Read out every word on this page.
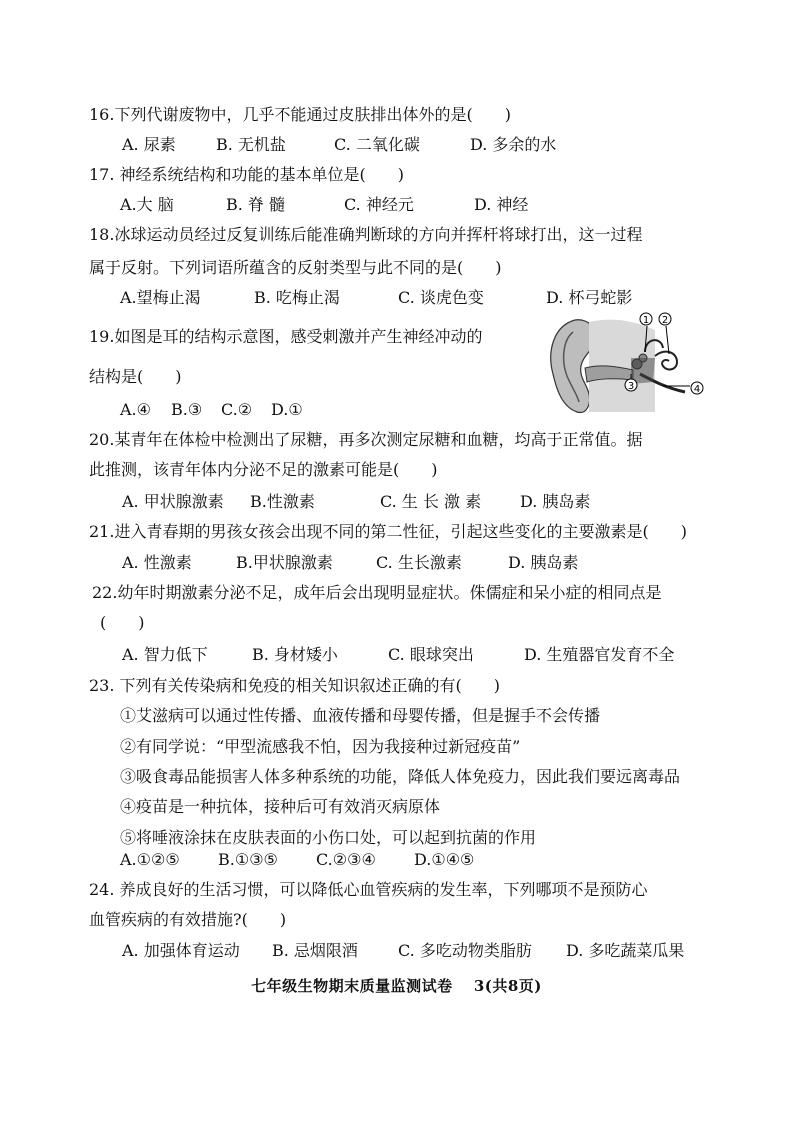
16.下列代谢废物中，几乎不能通过皮肤排出体外的是(　　)
A. 尿素	B. 无机盐	C. 二氧化碳	D. 多余的水
17. 神经系统结构和功能的基本单位是(　　)
A.大 脑	B. 脊 髓	C. 神经元	D. 神经
18.冰球运动员经过反复训练后能准确判断球的方向并挥杆将球打出，这一过程
属于反射。下列词语所蕴含的反射类型与此不同的是(　　)
A.望梅止渴	B. 吃梅止渴	C. 谈虎色变	D. 杯弓蛇影
19.如图是耳的结构示意图，感受刺激并产生神经冲动的
结构是(　　)
A.④ B.③ C.② D.①
1 2
3	4
20.某青年在体检中检测出了尿糖，再多次测定尿糖和血糖，均高于正常值。据
此推测，该青年体内分泌不足的激素可能是(　　)
A. 甲状腺激素 B.性激素	C. 生 长 激 素 D. 胰岛素
21.进入青春期的男孩女孩会出现不同的第二性征，引起这些变化的主要激素是(　　)
A. 性激素	B.甲状腺激素	C. 生长激素	D. 胰岛素
22.幼年时期激素分泌不足，成年后会出现明显症状。侏儒症和呆小症的相同点是
(　　)
A. 智力低下	B. 身材矮小	C. 眼球突出	D. 生殖器官发育不全
23. 下列有关传染病和免疫的相关知识叙述正确的有(　　)
①艾滋病可以通过性传播、血液传播和母婴传播，但是握手不会传播
②有同学说：“甲型流感我不怕，因为我接种过新冠疫苗”
③吸食毒品能损害人体多种系统的功能，降低人体免疫力，因此我们要远离毒品
④疫苗是一种抗体，接种后可有效消灭病原体
⑤将唾液涂抹在皮肤表面的小伤口处，可以起到抗菌的作用
A.①②⑤ B.①③⑤ C.②③④ D.①④⑤
24. 养成良好的生活习惯，可以降低心血管疾病的发生率，下列哪项不是预防心
血管疾病的有效措施?(　　)
A. 加强体育运动 B. 忌烟限酒	C. 多吃动物类脂肪 D. 多吃蔬菜瓜果
七年级生物期末质量监测试卷　 3(共8页)
